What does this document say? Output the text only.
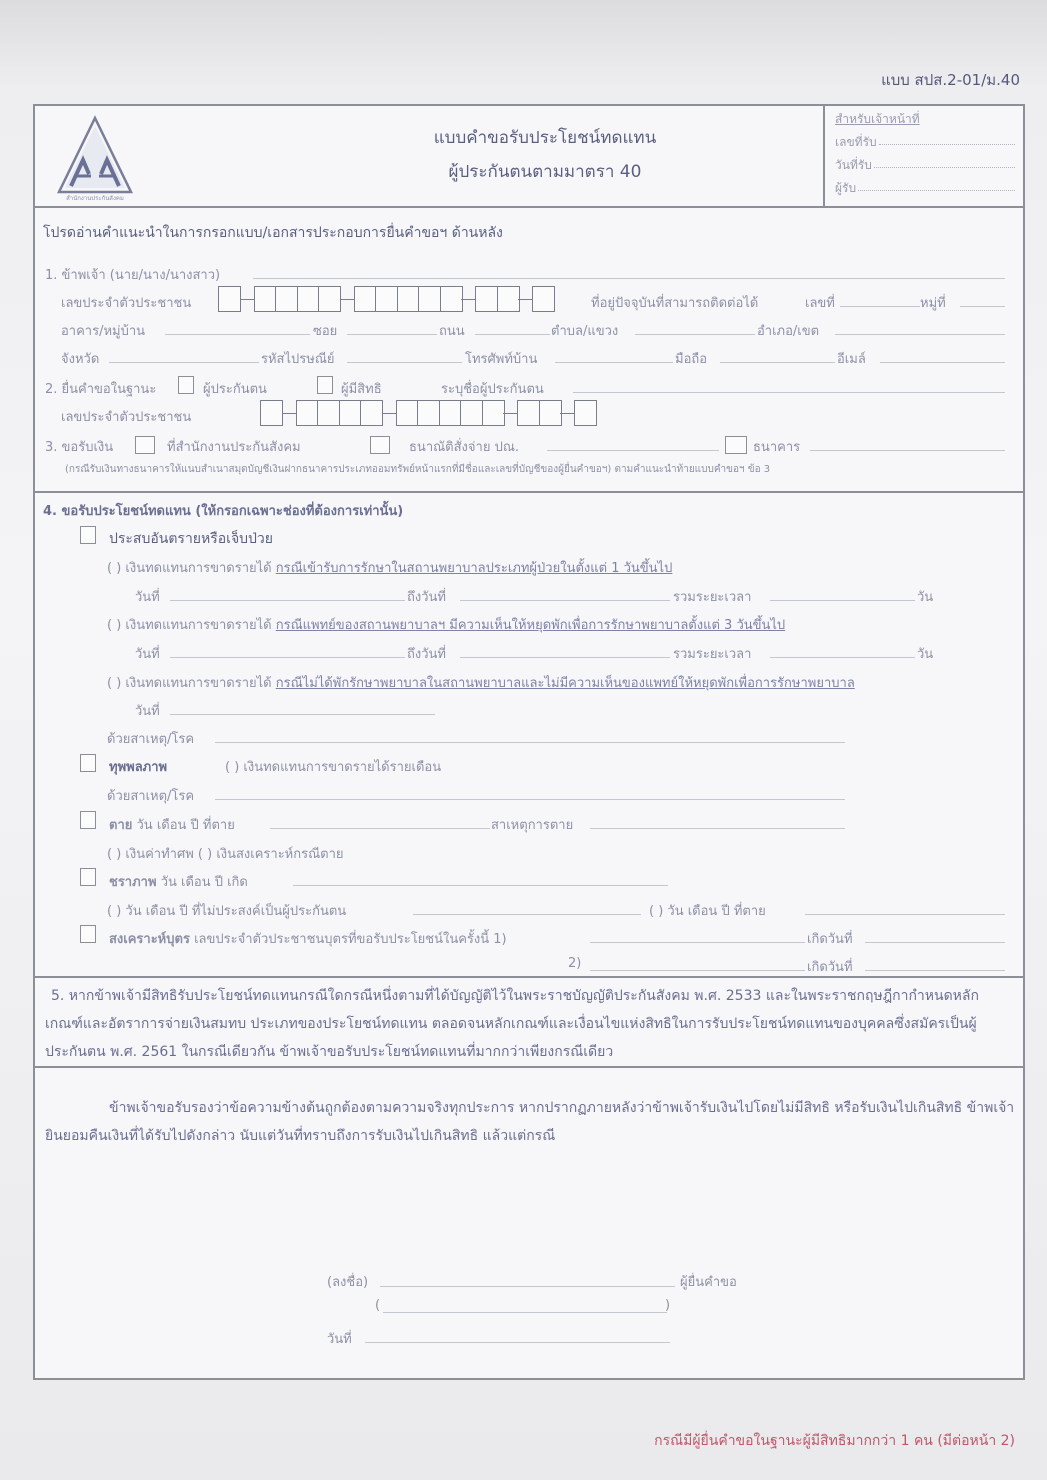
แบบ สปส.2-01/ม.40
สำนักงานประกันสังคม
แบบคำขอรับประโยชน์ทดแทน
ผู้ประกันตนตามมาตรา 40
สำหรับเจ้าหน้าที่
เลขที่รับ
วันที่รับ
ผู้รับ
โปรดอ่านคำแนะนำในการกรอกแบบ/เอกสารประกอบการยื่นคำขอฯ ด้านหลัง
1. ข้าพเจ้า (นาย/นาง/นางสาว)
เลขประจำตัวประชาชน	ที่อยู่ปัจจุบันที่สามารถติดต่อได้	เลขที่	หมู่ที่
อาคาร/หมู่บ้าน	ซอย	ถนน	ตำบล/แขวง	อำเภอ/เขต
จังหวัด	รหัสไปรษณีย์	โทรศัพท์บ้าน	มือถือ	อีเมล์
2. ยื่นคำขอในฐานะ	ผู้ประกันตน	ผู้มีสิทธิ	ระบุชื่อผู้ประกันตน
เลขประจำตัวประชาชน
3. ขอรับเงิน	ที่สำนักงานประกันสังคม	ธนาณัติสั่งจ่าย ปณ.	ธนาคาร
(กรณีรับเงินทางธนาคารให้แนบสำเนาสมุดบัญชีเงินฝากธนาคารประเภทออมทรัพย์หน้าแรกที่มีชื่อและเลขที่บัญชีของผู้ยื่นคำขอฯ) ตามคำแนะนำท้ายแบบคำขอฯ ข้อ 3
4. ขอรับประโยชน์ทดแทน (ให้กรอกเฉพาะช่องที่ต้องการเท่านั้น)
ประสบอันตรายหรือเจ็บป่วย
( ) เงินทดแทนการขาดรายได้ กรณีเข้ารับการรักษาในสถานพยาบาลประเภทผู้ป่วยในตั้งแต่ 1 วันขึ้นไป
วันที่	ถึงวันที่	รวมระยะเวลา	วัน
( ) เงินทดแทนการขาดรายได้ กรณีแพทย์ของสถานพยาบาลฯ มีความเห็นให้หยุดพักเพื่อการรักษาพยาบาลตั้งแต่ 3 วันขึ้นไป
วันที่	ถึงวันที่	รวมระยะเวลา	วัน
( ) เงินทดแทนการขาดรายได้ กรณีไม่ได้พักรักษาพยาบาลในสถานพยาบาลและไม่มีความเห็นของแพทย์ให้หยุดพักเพื่อการรักษาพยาบาล
วันที่
ด้วยสาเหตุ/โรค
ทุพพลภาพ	( ) เงินทดแทนการขาดรายได้รายเดือน
ด้วยสาเหตุ/โรค
ตาย วัน เดือน ปี ที่ตาย	สาเหตุการตาย
( ) เงินค่าทำศพ ( ) เงินสงเคราะห์กรณีตาย
ชราภาพ วัน เดือน ปี เกิด
( ) วัน เดือน ปี ที่ไม่ประสงค์เป็นผู้ประกันตน	( ) วัน เดือน ปี ที่ตาย
สงเคราะห์บุตร เลขประจำตัวประชาชนบุตรที่ขอรับประโยชน์ในครั้งนี้ 1)	เกิดวันที่
2)	เกิดวันที่
5. หากข้าพเจ้ามีสิทธิรับประโยชน์ทดแทนกรณีใดกรณีหนึ่งตามที่ได้บัญญัติไว้ในพระราชบัญญัติประกันสังคม พ.ศ. 2533 และในพระราชกฤษฎีกากำหนดหลักเกณฑ์และอัตราการจ่ายเงินสมทบ ประเภทของประโยชน์ทดแทน ตลอดจนหลักเกณฑ์และเงื่อนไขแห่งสิทธิในการรับประโยชน์ทดแทนของบุคคลซึ่งสมัครเป็นผู้ประกันตน พ.ศ. 2561 ในกรณีเดียวกัน ข้าพเจ้าขอรับประโยชน์ทดแทนที่มากกว่าเพียงกรณีเดียว
ข้าพเจ้าขอรับรองว่าข้อความข้างต้นถูกต้องตามความจริงทุกประการ หากปรากฏภายหลังว่าข้าพเจ้ารับเงินไปโดยไม่มีสิทธิ หรือรับเงินไปเกินสิทธิ ข้าพเจ้ายินยอมคืนเงินที่ได้รับไปดังกล่าว นับแต่วันที่ทราบถึงการรับเงินไปเกินสิทธิ แล้วแต่กรณี
(ลงชื่อ)	ผู้ยื่นคำขอ
(	)
วันที่
กรณีมีผู้ยื่นคำขอในฐานะผู้มีสิทธิมากกว่า 1 คน (มีต่อหน้า 2)
